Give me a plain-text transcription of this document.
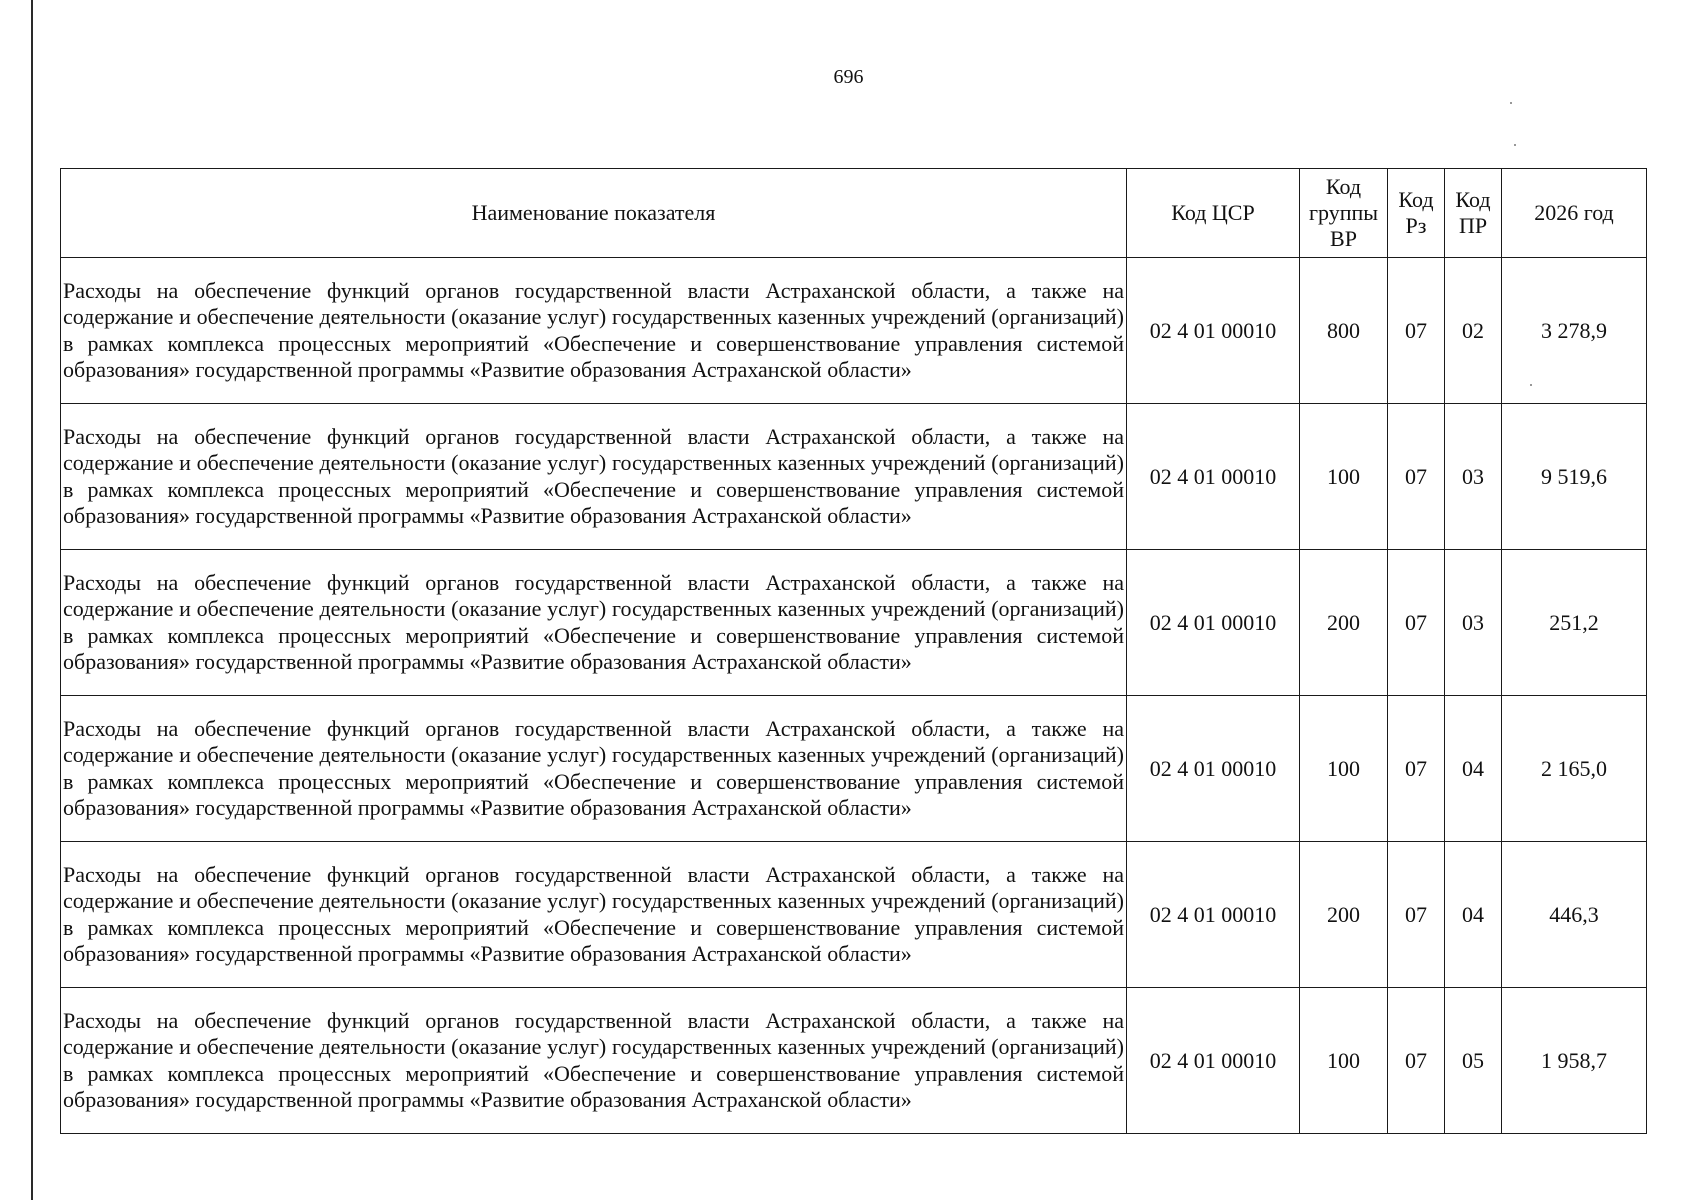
696
Наименование показателя	Код ЦСР	Код группы ВР	Код Рз	Код ПР	2026 год
Расходы на обеспечение функций органов государственной власти Астраханской области, а также на содержание и обеспечение деятельности (оказание услуг) государственных казенных учреждений (организаций) в рамках комплекса процессных мероприятий «Обеспечение и совершенствование управления системой образования» государственной программы «Развитие образования Астраханской области»	02 4 01 00010	800	07	02	3 278,9
Расходы на обеспечение функций органов государственной власти Астраханской области, а также на содержание и обеспечение деятельности (оказание услуг) государственных казенных учреждений (организаций) в рамках комплекса процессных мероприятий «Обеспечение и совершенствование управления системой образования» государственной программы «Развитие образования Астраханской области»	02 4 01 00010	100	07	03	9 519,6
Расходы на обеспечение функций органов государственной власти Астраханской области, а также на содержание и обеспечение деятельности (оказание услуг) государственных казенных учреждений (организаций) в рамках комплекса процессных мероприятий «Обеспечение и совершенствование управления системой образования» государственной программы «Развитие образования Астраханской области»	02 4 01 00010	200	07	03	251,2
Расходы на обеспечение функций органов государственной власти Астраханской области, а также на содержание и обеспечение деятельности (оказание услуг) государственных казенных учреждений (организаций) в рамках комплекса процессных мероприятий «Обеспечение и совершенствование управления системой образования» государственной программы «Развитие образования Астраханской области»	02 4 01 00010	100	07	04	2 165,0
Расходы на обеспечение функций органов государственной власти Астраханской области, а также на содержание и обеспечение деятельности (оказание услуг) государственных казенных учреждений (организаций) в рамках комплекса процессных мероприятий «Обеспечение и совершенствование управления системой образования» государственной программы «Развитие образования Астраханской области»	02 4 01 00010	200	07	04	446,3
Расходы на обеспечение функций органов государственной власти Астраханской области, а также на содержание и обеспечение деятельности (оказание услуг) государственных казенных учреждений (организаций) в рамках комплекса процессных мероприятий «Обеспечение и совершенствование управления системой образования» государственной программы «Развитие образования Астраханской области»	02 4 01 00010	100	07	05	1 958,7
